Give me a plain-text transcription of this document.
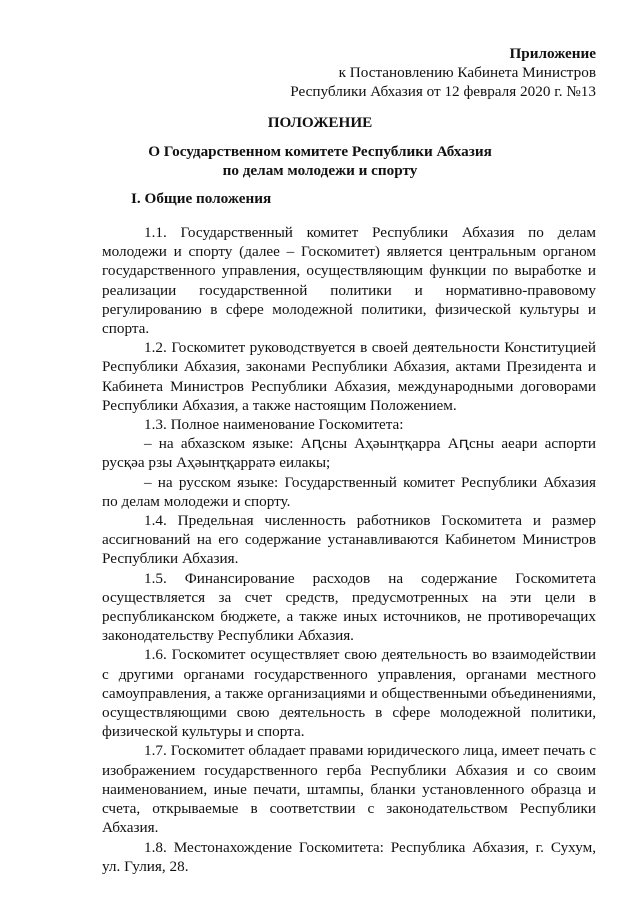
Приложение
к Постановлению Кабинета Министров
Республики Абхазия от 12 февраля 2020 г. №13
ПОЛОЖЕНИЕ
О Государственном комитете Республики Абхазия
по делам молодежи и спорту
I. Общие положения

1.1. Государственный комитет Республики Абхазия по делам молодежи и спорту (далее – Госкомитет) является центральным органом государственного управления, осуществляющим функции по выработке и реализации государственной политики и нормативно-правовому регулированию в сфере молодежной политики, физической культуры и спорта.

1.2. Госкомитет руководствуется в своей деятельности Конституцией Республики Абхазия, законами Республики Абхазия, актами Президента и Кабинета Министров Республики Абхазия, международными договорами Республики Абхазия, а также настоящим Положением.

1.3. Полное наименование Госкомитета:

– на абхазском языке: Аԥсны Аҳәынҭқарра Аԥсны аеари аспорти русқәа рзы Аҳәынҭқарратә еилакы;

– на русском языке: Государственный комитет Республики Абхазия по делам молодежи и спорту.

1.4. Предельная численность работников Госкомитета и размер ассигнований на его содержание устанавливаются Кабинетом Министров Республики Абхазия.

1.5. Финансирование расходов на содержание Госкомитета осуществляется за счет средств, предусмотренных на эти цели в республиканском бюджете, а также иных источников, не противоречащих законодательству Республики Абхазия.

1.6. Госкомитет осуществляет свою деятельность во взаимодействии с другими органами государственного управления, органами местного самоуправления, а также организациями и общественными объединениями, осуществляющими свою деятельность в сфере молодежной политики, физической культуры и спорта.

1.7. Госкомитет обладает правами юридического лица, имеет печать с изображением государственного герба Республики Абхазия и со своим наименованием, иные печати, штампы, бланки установленного образца и счета, открываемые в соответствии с законодательством Республики Абхазия.

1.8. Местонахождение Госкомитета: Республика Абхазия, г. Сухум, ул. Гулия, 28.
